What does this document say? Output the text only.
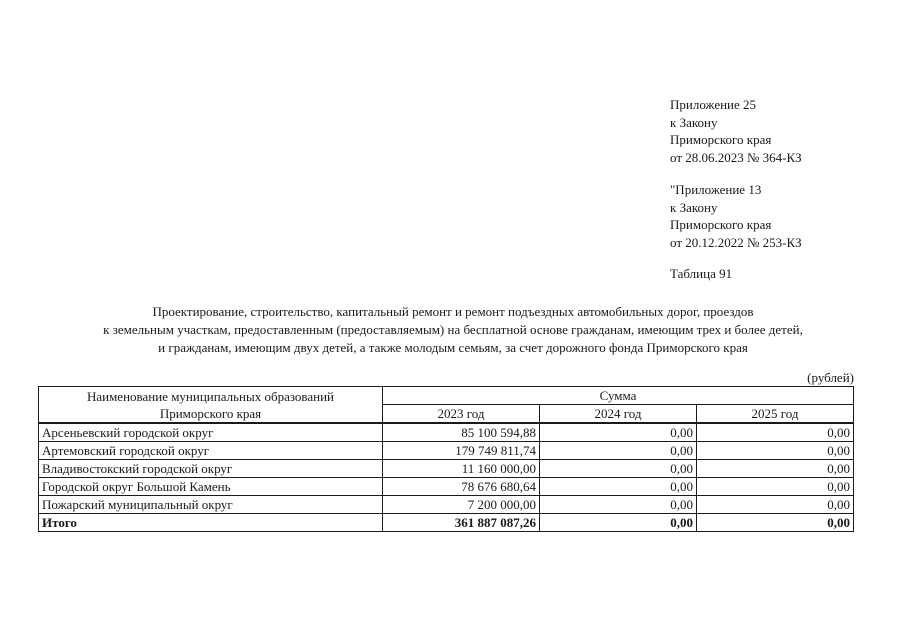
Приложение 25
к Закону
Приморского края
от 28.06.2023 № 364-КЗ
"Приложение 13
к Закону
Приморского края
от 20.12.2022 № 253-КЗ
Таблица 91
Проектирование, строительство, капитальный ремонт и ремонт подъездных автомобильных дорог, проездов
к земельным участкам, предоставленным (предоставляемым) на бесплатной основе гражданам, имеющим трех и более детей,
и гражданам, имеющим двух детей, а также молодым семьям, за счет дорожного фонда Приморского края
(рублей)
Наименование муниципальных образований
Приморского края	Сумма		
	2023 год	2024 год	2025 год
Арсеньевский городской округ	85 100 594,88	0,00	0,00
Артемовский городской округ	179 749 811,74	0,00	0,00
Владивостокский городской округ	11 160 000,00	0,00	0,00
Городской округ Большой Камень	78 676 680,64	0,00	0,00
Пожарский муниципальный округ	7 200 000,00	0,00	0,00
Итого	361 887 087,26	0,00	0,00
